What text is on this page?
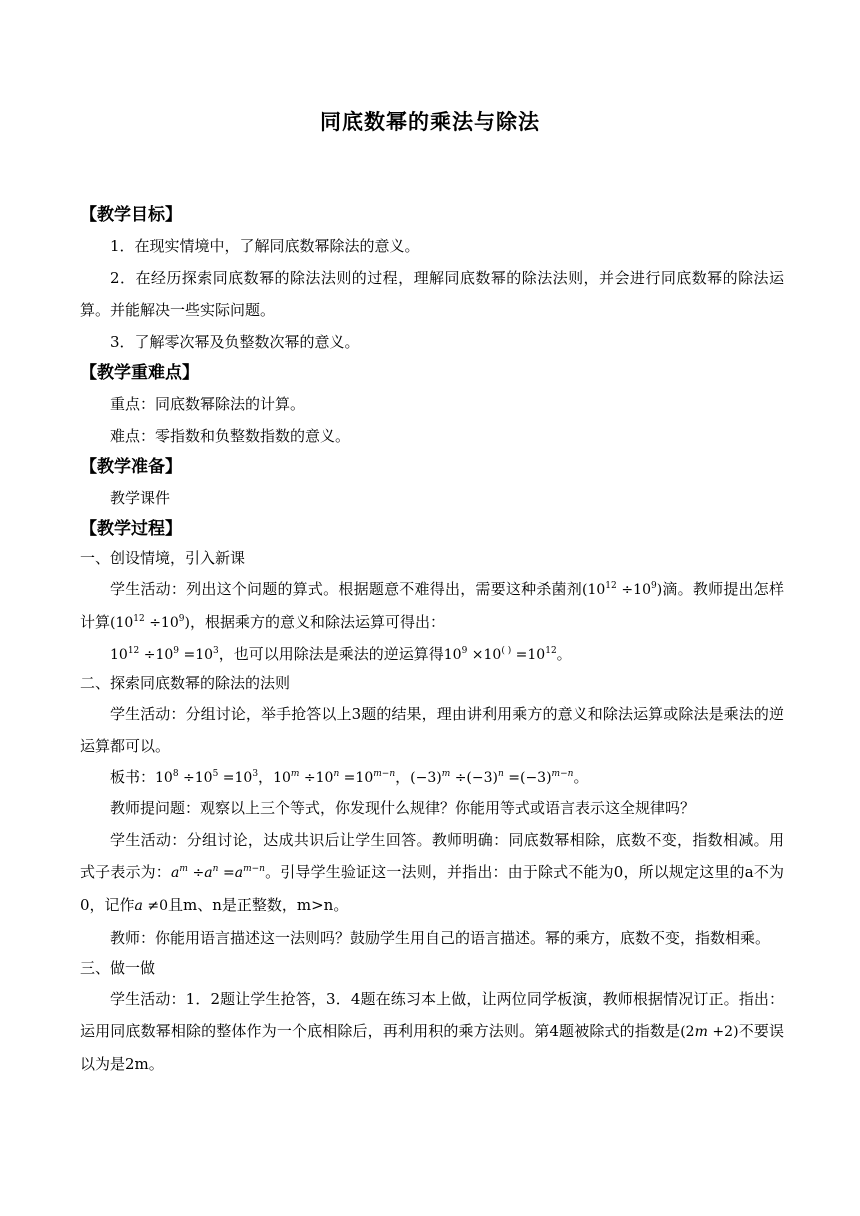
同底数幂的乘法与除法
【教学目标】
1．在现实情境中，了解同底数幂除法的意义。
2．在经历探索同底数幂的除法法则的过程，理解同底数幂的除法法则，并会进行同底数幂的除法运算。并能解决一些实际问题。
3．了解零次幂及负整数次幂的意义。
【教学重难点】
重点：同底数幂除法的计算。
难点：零指数和负整数指数的意义。
【教学准备】
教学课件
【教学过程】
一、创设情境，引入新课

学生活动：列出这个问题的算式。根据题意不难得出，需要这种杀菌剂$(10^{12} \div 10^9)$滴。教师提出怎样计算$(10^{12} \div 10^9)$，根据乘方的意义和除法运算可得出：

$10^{12} \div 10^9 =10^3$，也可以用除法是乘法的逆运算得$10^9 \times 10^{( )} =10^{12}$。
二、探索同底数幂的除法的法则

学生活动：分组讨论，举手抢答以上3题的结果，理由讲利用乘方的意义和除法运算或除法是乘法的逆运算都可以。

板书：$10^8 \div 10^5 =10^3$，$10^m \div 10^n =10^{m-n}$，$(-3)^m \div(-3)^n =(-3)^{m-n}$。

教师提问题：观察以上三个等式，你发现什么规律？你能用等式或语言表示这全规律吗？

学生活动：分组讨论，达成共识后让学生回答。教师明确：同底数幂相除，底数不变，指数相减。用式子表示为：$a^m \div a^n =a^{m-n}$。引导学生验证这一法则，并指出：由于除式不能为0，所以规定这里的a不为0，记作a ≠0且m、n是正整数，m>n。

教师：你能用语言描述这一法则吗？鼓励学生用自己的语言描述。幂的乘方，底数不变，指数相乘。

三、做一做

学生活动：1．2题让学生抢答，3．4题在练习本上做，让两位同学板演，教师根据情况订正。指出：运用同底数幂相除的整体作为一个底相除后，再利用积的乘方法则。第4题被除式的指数是(2m +2)不要误以为是2m。
